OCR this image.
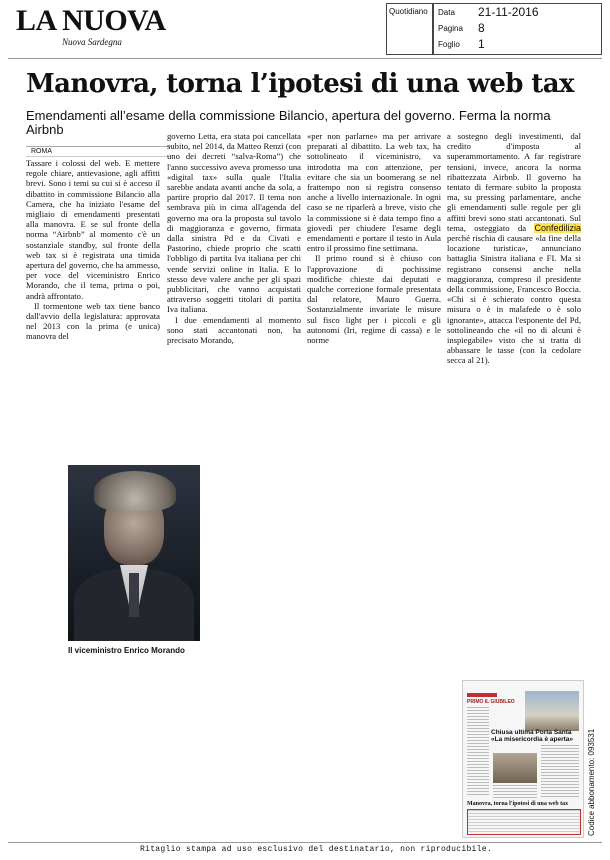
LA NUOVA
Nuova Sardegna
Quotidiano Data 21-11-2016
Pagina 8
Foglio 1
Manovra, torna l’ipotesi di una web tax
Emendamenti all’esame della commissione Bilancio, apertura del governo. Ferma la norma Airbnb
ROMA

Tassare i colossi del web. E mettere regole chiare, antievasione, agli affitti brevi. Sono i temi su cui si è acceso il dibattito in commissione Bilancio alla Camera, che ha iniziato l'esame del migliaio di emendamenti presentati alla manovra. E se sul fronte della norma “Airbnb” al momento c'è un sostanziale standby, sul fronte della web tax si è registrata una timida apertura del governo, che ha ammesso, per voce del viceministro Enrico Morando, che il tema, prima o poi, andrà affrontato.

Il tormentone web tax tiene banco dall'avvio della legislatura: approvata nel 2013 con la prima (e unica) manovra del

governo Letta, era stata poi cancellata subito, nel 2014, da Matteo Renzi (con uno dei decreti “salva-Roma”) che l'anno successivo aveva promesso una «digital tax» sulla quale l'Italia sarebbe andata avanti anche da sola, a partire proprio dal 2017. Il tema non sembrava più in cima all'agenda del governo ma ora la proposta sul tavolo di maggioranza e governo, firmata dalla sinistra Pd e da Civati e Pastorino, chiede proprio che scatti l'obbligo di partita Iva italiana per chi vende servizi online in Italia. E lo stesso deve valere anche per gli spazi pubblicitari, che vanno acquistati attraverso soggetti titolari di partita Iva italiana.

I due emendamenti al momento sono stati accantonati non, ha precisato Morando,

«per non parlarne» ma per arrivare preparati al dibattito. La web tax, ha sottolineato il viceministro, va introdotta ma con attenzione, per evitare che sia un boomerang se nel frattempo non si registra consenso anche a livello internazionale. In ogni caso se ne riparlerà a breve, visto che la commissione si è data tempo fino a giovedì per chiudere l'esame degli emendamenti e portare il testo in Aula entro il prossimo fine settimana.

Il primo round si è chiuso con l'approvazione di pochissime modifiche chieste dai deputati e qualche correzione formale presentata dal relatore, Mauro Guerra. Sostanzialmente invariate le misure sul fisco light per i piccoli e gli autonomi (Iri, regime di cassa) e le norme

a sostegno degli investimenti, dal credito d'imposta al superammortamento. A far registrare tensioni, invece, ancora la norma ribattezzata Airbnb. Il governo ha tentato di fermare subito la proposta ma, su pressing parlamentare, anche gli emendamenti sulle regole per gli affitti brevi sono stati accantonati. Sul tema, osteggiato da Confedilizia perché rischia di causare «la fine della locazione turistica», annunciano battaglia Sinistra italiana e FI. Ma si registrano consensi anche nella maggioranza, compreso il presidente della commissione, Francesco Boccia. «Chi si è schierato contro questa misura o è in malafede o è solo ignorante», attacca l'esponente del Pd, sottolineando che «il no di alcuni è inspiegabile» visto che si tratta di abbassare le tasse (con la cedolare secca al 21).

Il viceministro Enrico Morando
PRIMO IL GIUBILEO
Chiusa ultima Porta Santa «La misericordia è aperta»
Manovra, torna l'ipotesi di una web tax	Codice abbonamento: 093531
Ritaglio stampa ad uso esclusivo del destinatario, non riproducibile.
